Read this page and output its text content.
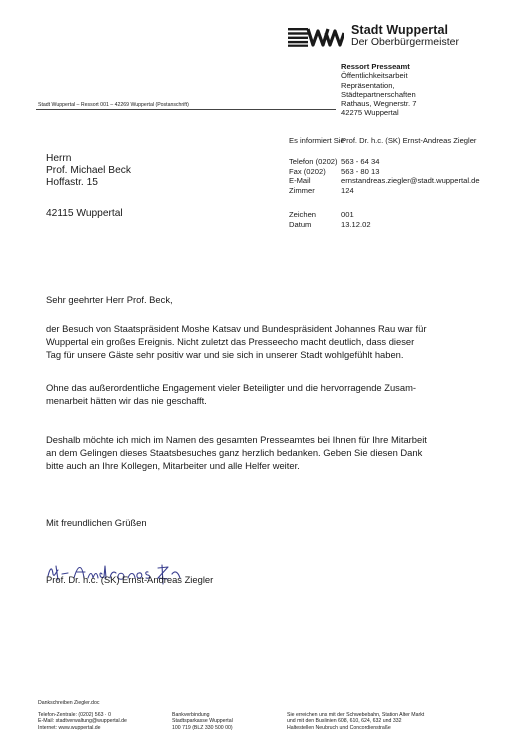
Stadt Wuppertal
Der Oberbürgermeister
Ressort Presseamt
Öffentlichkeitsarbeit
Repräsentation,
Städtepartnerschaften
Stadt Wuppertal – Ressort 001 – 42269 Wuppertal (Postanschrift)	Rathaus, Wegnerstr. 7
42275 Wuppertal
Es informiert Sie
Prof. Dr. h.c. (SK) Ernst-Andreas Ziegler
Herrn
Prof. Michael Beck
Hoffastr. 15
42115 Wuppertal
Telefon (0202)
Fax (0202)
E-Mail
Zimmer
563 - 64 34
563 - 80 13
ernstandreas.ziegler@stadt.wuppertal.de
124
Zeichen
Datum
001
13.12.02
Sehr geehrter Herr Prof. Beck,
der Besuch von Staatspräsident Moshe Katsav und Bundespräsident Johannes Rau war für
Wuppertal ein großes Ereignis. Nicht zuletzt das Presseecho macht deutlich, dass dieser
Tag für unsere Gäste sehr positiv war und sie sich in unserer Stadt wohlgefühlt haben.
Ohne das außerordentliche Engagement vieler Beteiligter und die hervorragende Zusam-
menarbeit hätten wir das nie geschafft.
Deshalb möchte ich mich im Namen des gesamten Presseamtes bei Ihnen für Ihre Mitarbeit
an dem Gelingen dieses Staatsbesuches ganz herzlich bedanken. Geben Sie diesen Dank
bitte auch an Ihre Kollegen, Mitarbeiter und alle Helfer weiter.
Mit freundlichen Grüßen
Prof. Dr. h.c. (SK) Ernst-Andreas Ziegler
Dankschreiben Ziegler.doc
Telefon-Zentrale: (0202) 563 · 0
E-Mail: stadtverwaltung@wuppertal.de
Internet: www.wuppertal.de
Bankverbindung
Stadtsparkasse Wuppertal
100 719 (BLZ 330 500 00)
Sie erreichen uns mit der Schwebebahn, Station Alter Markt
und mit den Buslinien 608, 610, 624, 632 und 332
Haltestellen Neubruch und Concordienstraße
